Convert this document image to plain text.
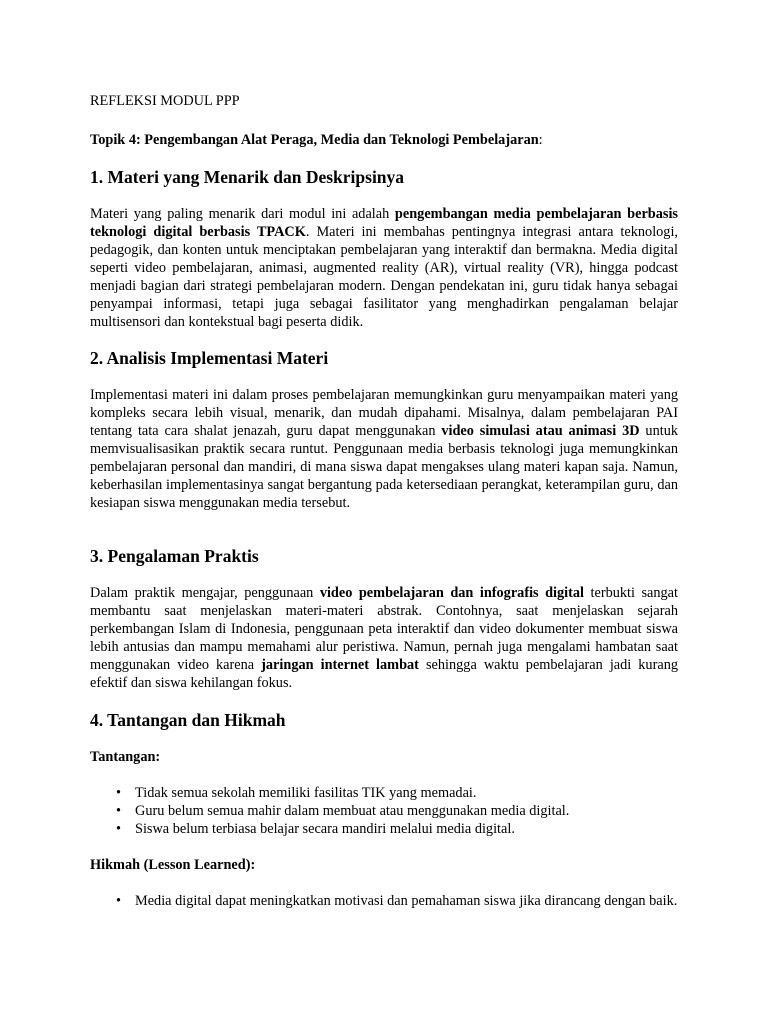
REFLEKSI MODUL PPP

Topik 4: Pengembangan Alat Peraga, Media dan Teknologi Pembelajaran:

1. Materi yang Menarik dan Deskripsinya

Materi yang paling menarik dari modul ini adalah pengembangan media pembelajaran berbasis teknologi digital berbasis TPACK. Materi ini membahas pentingnya integrasi antara teknologi, pedagogik, dan konten untuk menciptakan pembelajaran yang interaktif dan bermakna. Media digital seperti video pembelajaran, animasi, augmented reality (AR), virtual reality (VR), hingga podcast menjadi bagian dari strategi pembelajaran modern. Dengan pendekatan ini, guru tidak hanya sebagai penyampai informasi, tetapi juga sebagai fasilitator yang menghadirkan pengalaman belajar multisensori dan kontekstual bagi peserta didik.

2. Analisis Implementasi Materi

Implementasi materi ini dalam proses pembelajaran memungkinkan guru menyampaikan materi yang kompleks secara lebih visual, menarik, dan mudah dipahami. Misalnya, dalam pembelajaran PAI tentang tata cara shalat jenazah, guru dapat menggunakan video simulasi atau animasi 3D untuk memvisualisasikan praktik secara runtut. Penggunaan media berbasis teknologi juga memungkinkan pembelajaran personal dan mandiri, di mana siswa dapat mengakses ulang materi kapan saja. Namun, keberhasilan implementasinya sangat bergantung pada ketersediaan perangkat, keterampilan guru, dan kesiapan siswa menggunakan media tersebut.

3. Pengalaman Praktis

Dalam praktik mengajar, penggunaan video pembelajaran dan infografis digital terbukti sangat membantu saat menjelaskan materi-materi abstrak. Contohnya, saat menjelaskan sejarah perkembangan Islam di Indonesia, penggunaan peta interaktif dan video dokumenter membuat siswa lebih antusias dan mampu memahami alur peristiwa. Namun, pernah juga mengalami hambatan saat menggunakan video karena jaringan internet lambat sehingga waktu pembelajaran jadi kurang efektif dan siswa kehilangan fokus.

4. Tantangan dan Hikmah
Tantangan:
• Tidak semua sekolah memiliki fasilitas TIK yang memadai.
• Guru belum semua mahir dalam membuat atau menggunakan media digital.
• Siswa belum terbiasa belajar secara mandiri melalui media digital.
Hikmah (Lesson Learned):
• Media digital dapat meningkatkan motivasi dan pemahaman siswa jika dirancang dengan baik.
